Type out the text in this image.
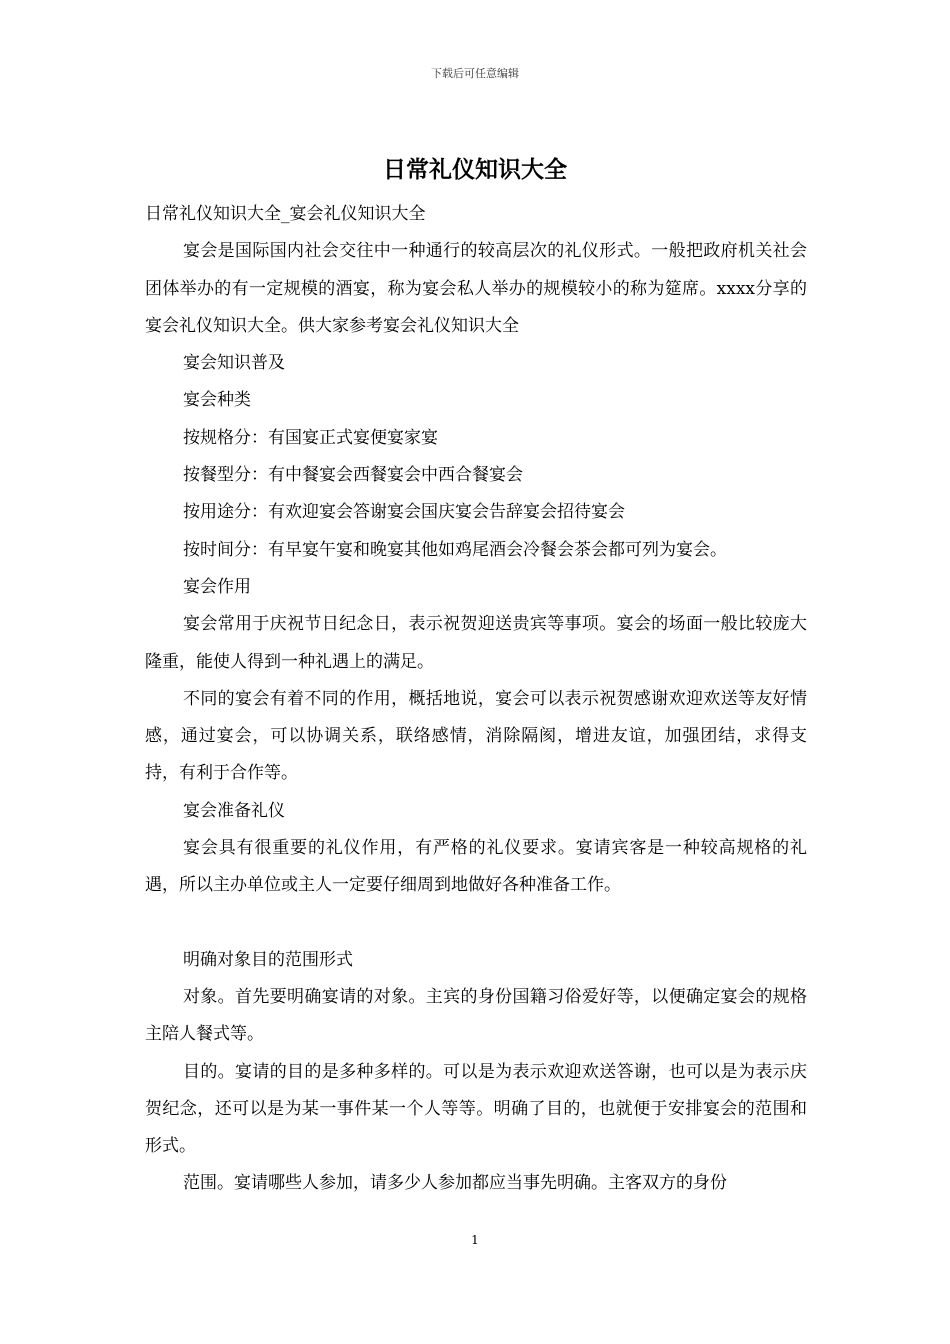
下载后可任意编辑
日常礼仪知识大全

日常礼仪知识大全_宴会礼仪知识大全

宴会是国际国内社会交往中一种通行的较高层次的礼仪形式。一般把政府机关社会团体举办的有一定规模的酒宴，称为宴会私人举办的规模较小的称为筵席。xxxx分享的宴会礼仪知识大全。供大家参考宴会礼仪知识大全

宴会知识普及

宴会种类

按规格分：有国宴正式宴便宴家宴

按餐型分：有中餐宴会西餐宴会中西合餐宴会

按用途分：有欢迎宴会答谢宴会国庆宴会告辞宴会招待宴会

按时间分：有早宴午宴和晚宴其他如鸡尾酒会冷餐会茶会都可列为宴会。

宴会作用

宴会常用于庆祝节日纪念日，表示祝贺迎送贵宾等事项。宴会的场面一般比较庞大隆重，能使人得到一种礼遇上的满足。

不同的宴会有着不同的作用，概括地说，宴会可以表示祝贺感谢欢迎欢送等友好情感，通过宴会，可以协调关系，联络感情，消除隔阂，增进友谊，加强团结，求得支持，有利于合作等。

宴会准备礼仪

宴会具有很重要的礼仪作用，有严格的礼仪要求。宴请宾客是一种较高规格的礼遇，所以主办单位或主人一定要仔细周到地做好各种准备工作。

明确对象目的范围形式

对象。首先要明确宴请的对象。主宾的身份国籍习俗爱好等，以便确定宴会的规格主陪人餐式等。

目的。宴请的目的是多种多样的。可以是为表示欢迎欢送答谢，也可以是为表示庆贺纪念，还可以是为某一事件某一个人等等。明确了目的，也就便于安排宴会的范围和形式。

范围。宴请哪些人参加，请多少人参加都应当事先明确。主客双方的身份

1
